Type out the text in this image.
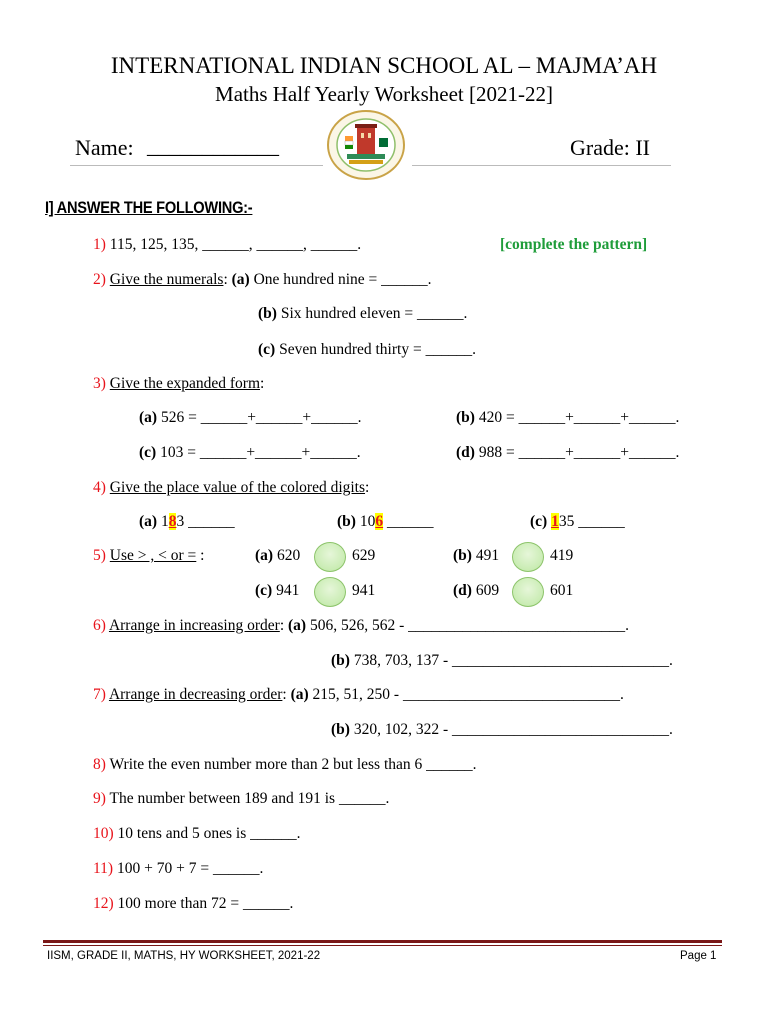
INTERNATIONAL INDIAN SCHOOL AL – MAJMA’AH
Maths Half Yearly Worksheet [2021-22]
Name: ____________	Grade: II
I] ANSWER THE FOLLOWING:-
1) 115, 125, 135, ______, ______, ______.	[complete the pattern]
2) Give the numerals: (a) One hundred nine = ______.
(b) Six hundred eleven = ______.
(c) Seven hundred thirty = ______.
3) Give the expanded form:
(a) 526 = ______+______+______.	(b) 420 = ______+______+______.
(c) 103 = ______+______+______.	(d) 988 = ______+______+______.
4) Give the place value of the colored digits:
(a) 183 ______	(b) 106 ______	(c) 135 ______
5) Use > , < or = :	(a) 620	629	(b) 491	419
(c) 941	941	(d) 609	601
6) Arrange in increasing order: (a) 506, 526, 562 - ____________________________.
(b) 738, 703, 137 - ____________________________.
7) Arrange in decreasing order: (a) 215, 51, 250 - ____________________________.
(b) 320, 102, 322 - ____________________________.
8) Write the even number more than 2 but less than 6 ______.
9) The number between 189 and 191 is ______.
10) 10 tens and 5 ones is ______.
11) 100 + 70 + 7 = ______.
12) 100 more than 72 = ______.
IISM, GRADE II, MATHS, HY WORKSHEET, 2021-22	Page 1
